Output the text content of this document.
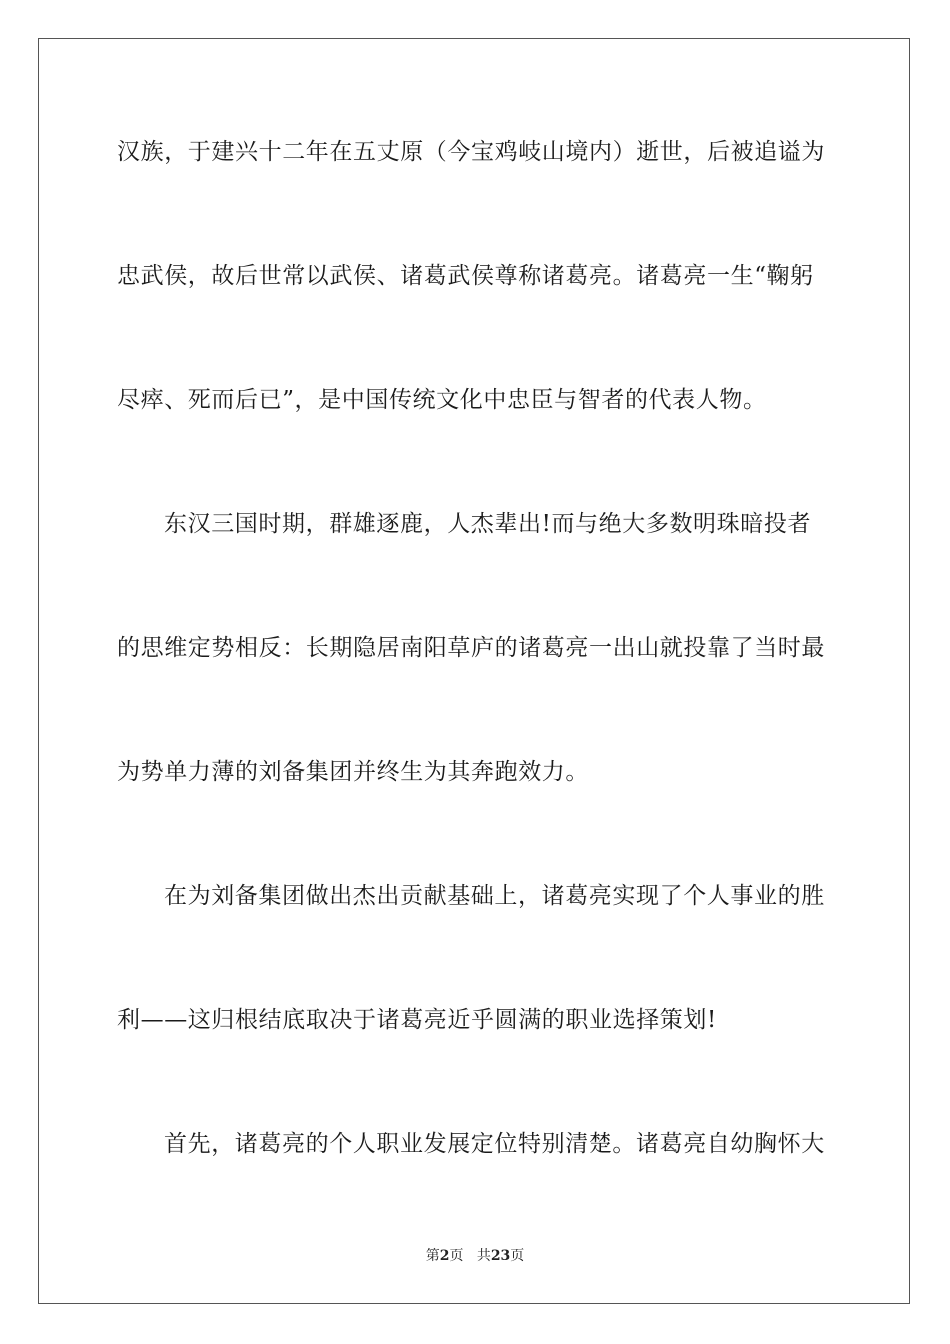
汉族，于建兴十二年在五丈原（今宝鸡岐山境内）逝世，后被追谥为
忠武侯，故后世常以武侯、诸葛武侯尊称诸葛亮。诸葛亮一生“鞠躬
尽瘁、死而后已”，是中国传统文化中忠臣与智者的代表人物。
东汉三国时期，群雄逐鹿，人杰辈出!而与绝大多数明珠暗投者
的思维定势相反：长期隐居南阳草庐的诸葛亮一出山就投靠了当时最
为势单力薄的刘备集团并终生为其奔跑效力。
在为刘备集团做出杰出贡献基础上，诸葛亮实现了个人事业的胜
利——这归根结底取决于诸葛亮近乎圆满的职业选择策划!
首先，诸葛亮的个人职业发展定位特别清楚。诸葛亮自幼胸怀大
第2页 共23页
